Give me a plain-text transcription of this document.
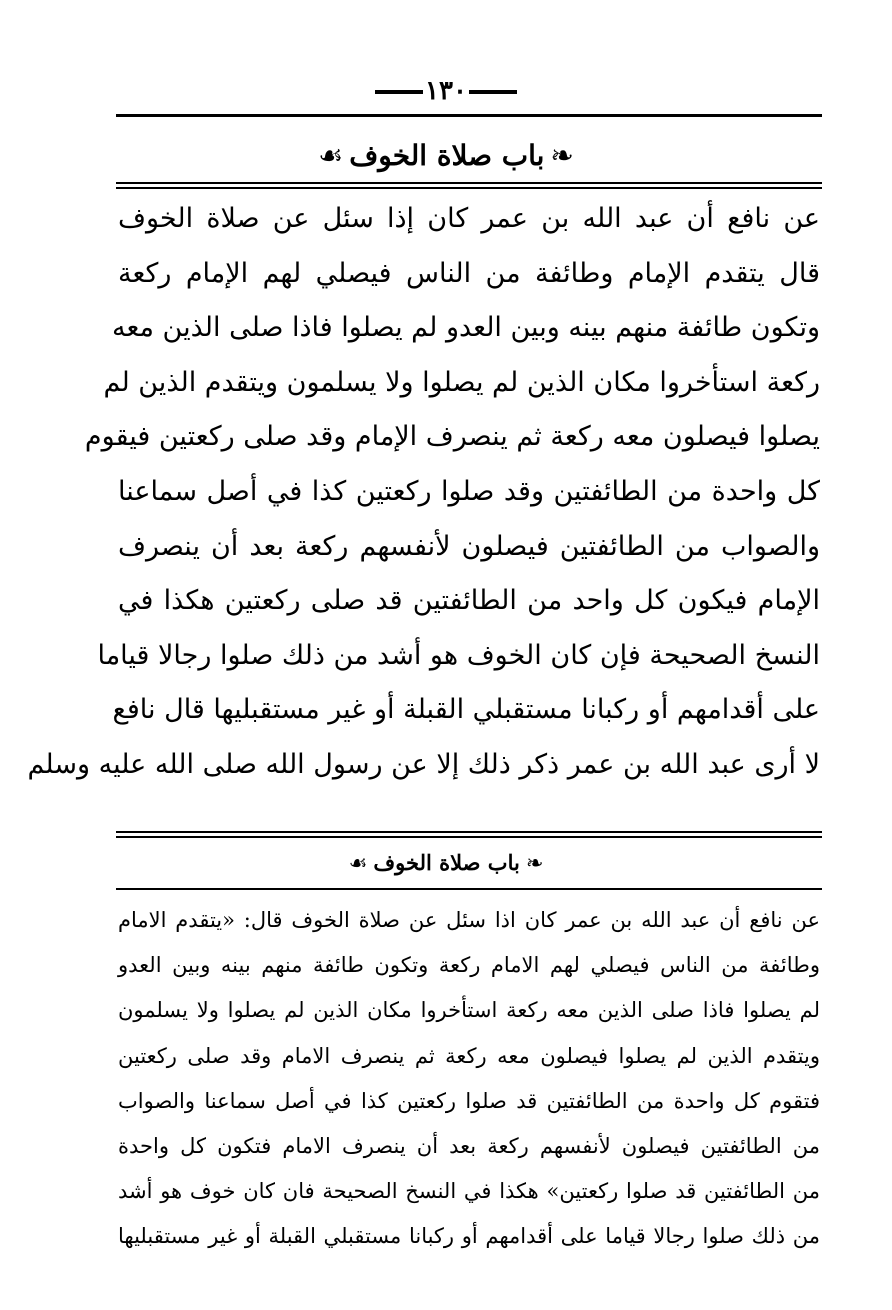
١٣٠
❧باب صلاة الخوف☙
عن نافع أن عبد الله بن عمر كان إذا سئل عن صلاة الخوف
قال يتقدم الإمام وطائفة من الناس فيصلي لهم الإمام ركعة
وتكون طائفة منهم بينه وبين العدو لم يصلوا فاذا صلى الذين معه
ركعة استأخروا مكان الذين لم يصلوا ولا يسلمون ويتقدم الذين لم
يصلوا فيصلون معه ركعة ثم ينصرف الإمام وقد صلى ركعتين فيقوم
كل واحدة من الطائفتين وقد صلوا ركعتين كذا في أصل سماعنا
والصواب من الطائفتين فيصلون لأنفسهم ركعة بعد أن ينصرف
الإمام فيكون كل واحد من الطائفتين قد صلى ركعتين هكذا في
النسخ الصحيحة فإن كان الخوف هو أشد من ذلك صلوا رجالا قياما
على أقدامهم أو ركبانا مستقبلي القبلة أو غير مستقبليها قال نافع
لا أرى عبد الله بن عمر ذكر ذلك إلا عن رسول الله صلى الله عليه وسلم
❧باب صلاة الخوف☙
عن نافع أن عبد الله بن عمر كان اذا سئل عن صلاة الخوف قال: «يتقدم الامام
وطائفة من الناس فيصلي لهم الامام ركعة وتكون طائفة منهم بينه وبين العدو
لم يصلوا فاذا صلى الذين معه ركعة استأخروا مكان الذين لم يصلوا ولا يسلمون
ويتقدم الذين لم يصلوا فيصلون معه ركعة ثم ينصرف الامام وقد صلى ركعتين
فتقوم كل واحدة من الطائفتين قد صلوا ركعتين كذا في أصل سماعنا والصواب
من الطائفتين فيصلون لأنفسهم ركعة بعد أن ينصرف الامام فتكون كل واحدة
من الطائفتين قد صلوا ركعتين» هكذا في النسخ الصحيحة فان كان خوف هو أشد
من ذلك صلوا رجالا قياما على أقدامهم أو ركبانا مستقبلي القبلة أو غير مستقبليها
